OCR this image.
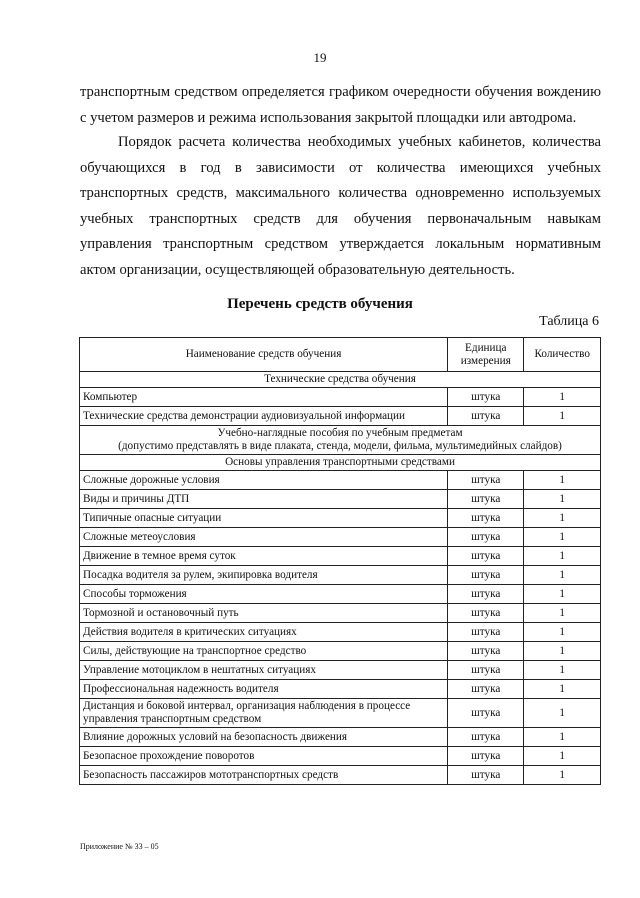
19

транспортным средством определяется графиком очередности обучения вождению с учетом размеров и режима использования закрытой площадки или автодрома.

Порядок расчета количества необходимых учебных кабинетов, количества обучающихся в год в зависимости от количества имеющихся учебных транспортных средств, максимального количества одновременно используемых учебных транспортных средств для обучения первоначальным навыкам управления транспортным средством утверждается локальным нормативным актом организации, осуществляющей образовательную деятельность.

Перечень средств обучения
Таблица 6
Наименование средств обучения	Единица измерения	Количество
Технические средства обучения		
Компьютер	штука	1
Технические средства демонстрации аудиовизуальной информации	штука	1

Учебно-наглядные пособия по учебным предметам
(допустимо представлять в виде плаката, стенда, модели, фильма, мультимедийных слайдов)		

Основы управления транспортными средствами		
Сложные дорожные условия	штука	1
Виды и причины ДТП	штука	1
Типичные опасные ситуации	штука	1
Сложные метеоусловия	штука	1
Движение в темное время суток	штука	1
Посадка водителя за рулем, экипировка водителя	штука	1
Способы торможения	штука	1
Тормозной и остановочный путь	штука	1
Действия водителя в критических ситуациях	штука	1
Силы, действующие на транспортное средство	штука	1
Управление мотоциклом в нештатных ситуациях	штука	1
Профессиональная надежность водителя	штука	1
Дистанция и боковой интервал, организация наблюдения в процессе управления транспортным средством	штука	1
Влияние дорожных условий на безопасность движения	штука	1
Безопасное прохождение поворотов	штука	1
Безопасность пассажиров мототранспортных средств	штука	1
Приложение № 33 – 05
